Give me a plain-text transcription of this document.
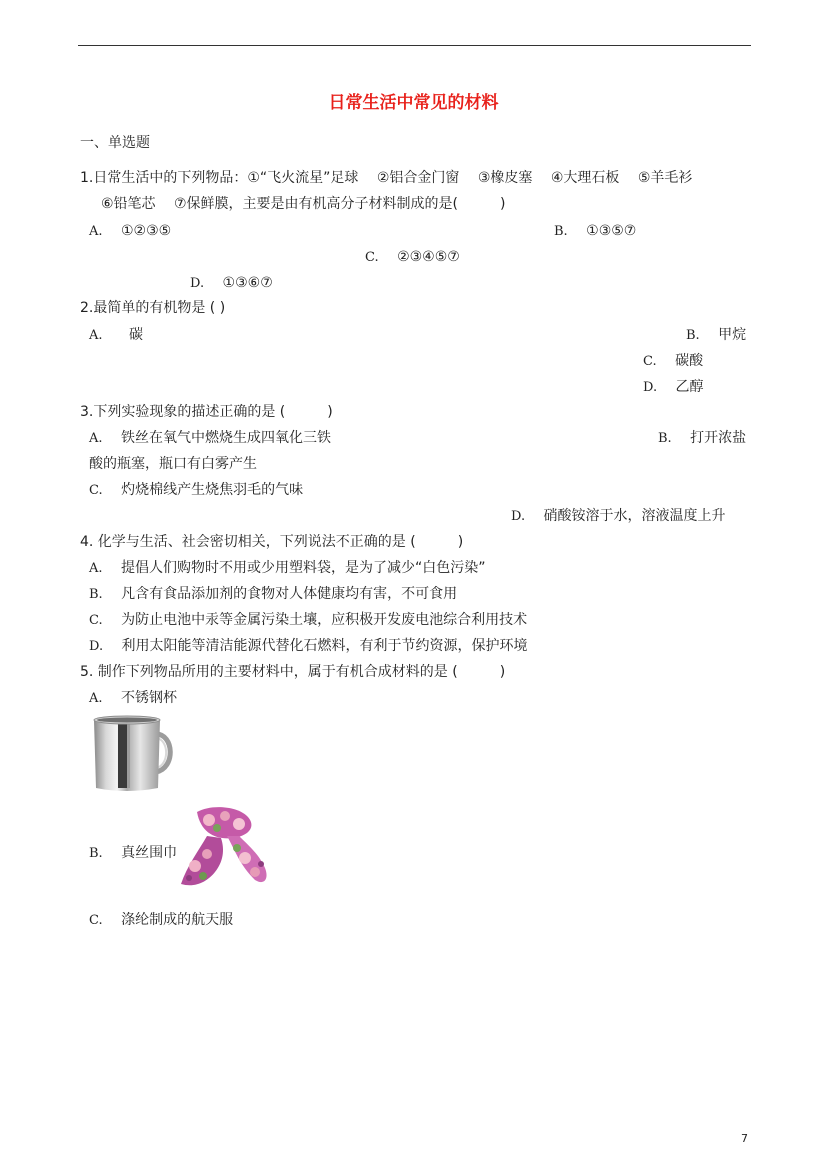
日常生活中常见的材料
一、单选题
1.日常生活中的下列物品：①“飞火流星”足球　 ②铝合金门窗　 ③橡皮塞　 ④大理石板　 ⑤羊毛衫
⑥铅笔芯　 ⑦保鲜膜，主要是由有机高分子材料制成的是(　　　)
A. ①②③⑤	B. ①③⑤⑦
C. ②③④⑤⑦
D. ①③⑥⑦
2.最简单的有机物是 ( )
A. 碳	B. 甲烷
C. 碳酸
D. 乙醇
3.下列实验现象的描述正确的是 (　　　)
A. 铁丝在氧气中燃烧生成四氧化三铁	B. 打开浓盐
酸的瓶塞，瓶口有白雾产生
C. 灼烧棉线产生烧焦羽毛的气味
D. 硝酸铵溶于水，溶液温度上升
4. 化学与生活、社会密切相关，下列说法不正确的是 (　　　)
A. 提倡人们购物时不用或少用塑料袋，是为了减少“白色污染”
B. 凡含有食品添加剂的食物对人体健康均有害，不可食用
C. 为防止电池中汞等金属污染土壤，应积极开发废电池综合利用技术
D. 利用太阳能等清洁能源代替化石燃料，有利于节约资源，保护环境
5. 制作下列物品所用的主要材料中，属于有机合成材料的是 (　　　)
A. 不锈钢杯
B. 真丝围巾
C. 涤纶制成的航天服
7
